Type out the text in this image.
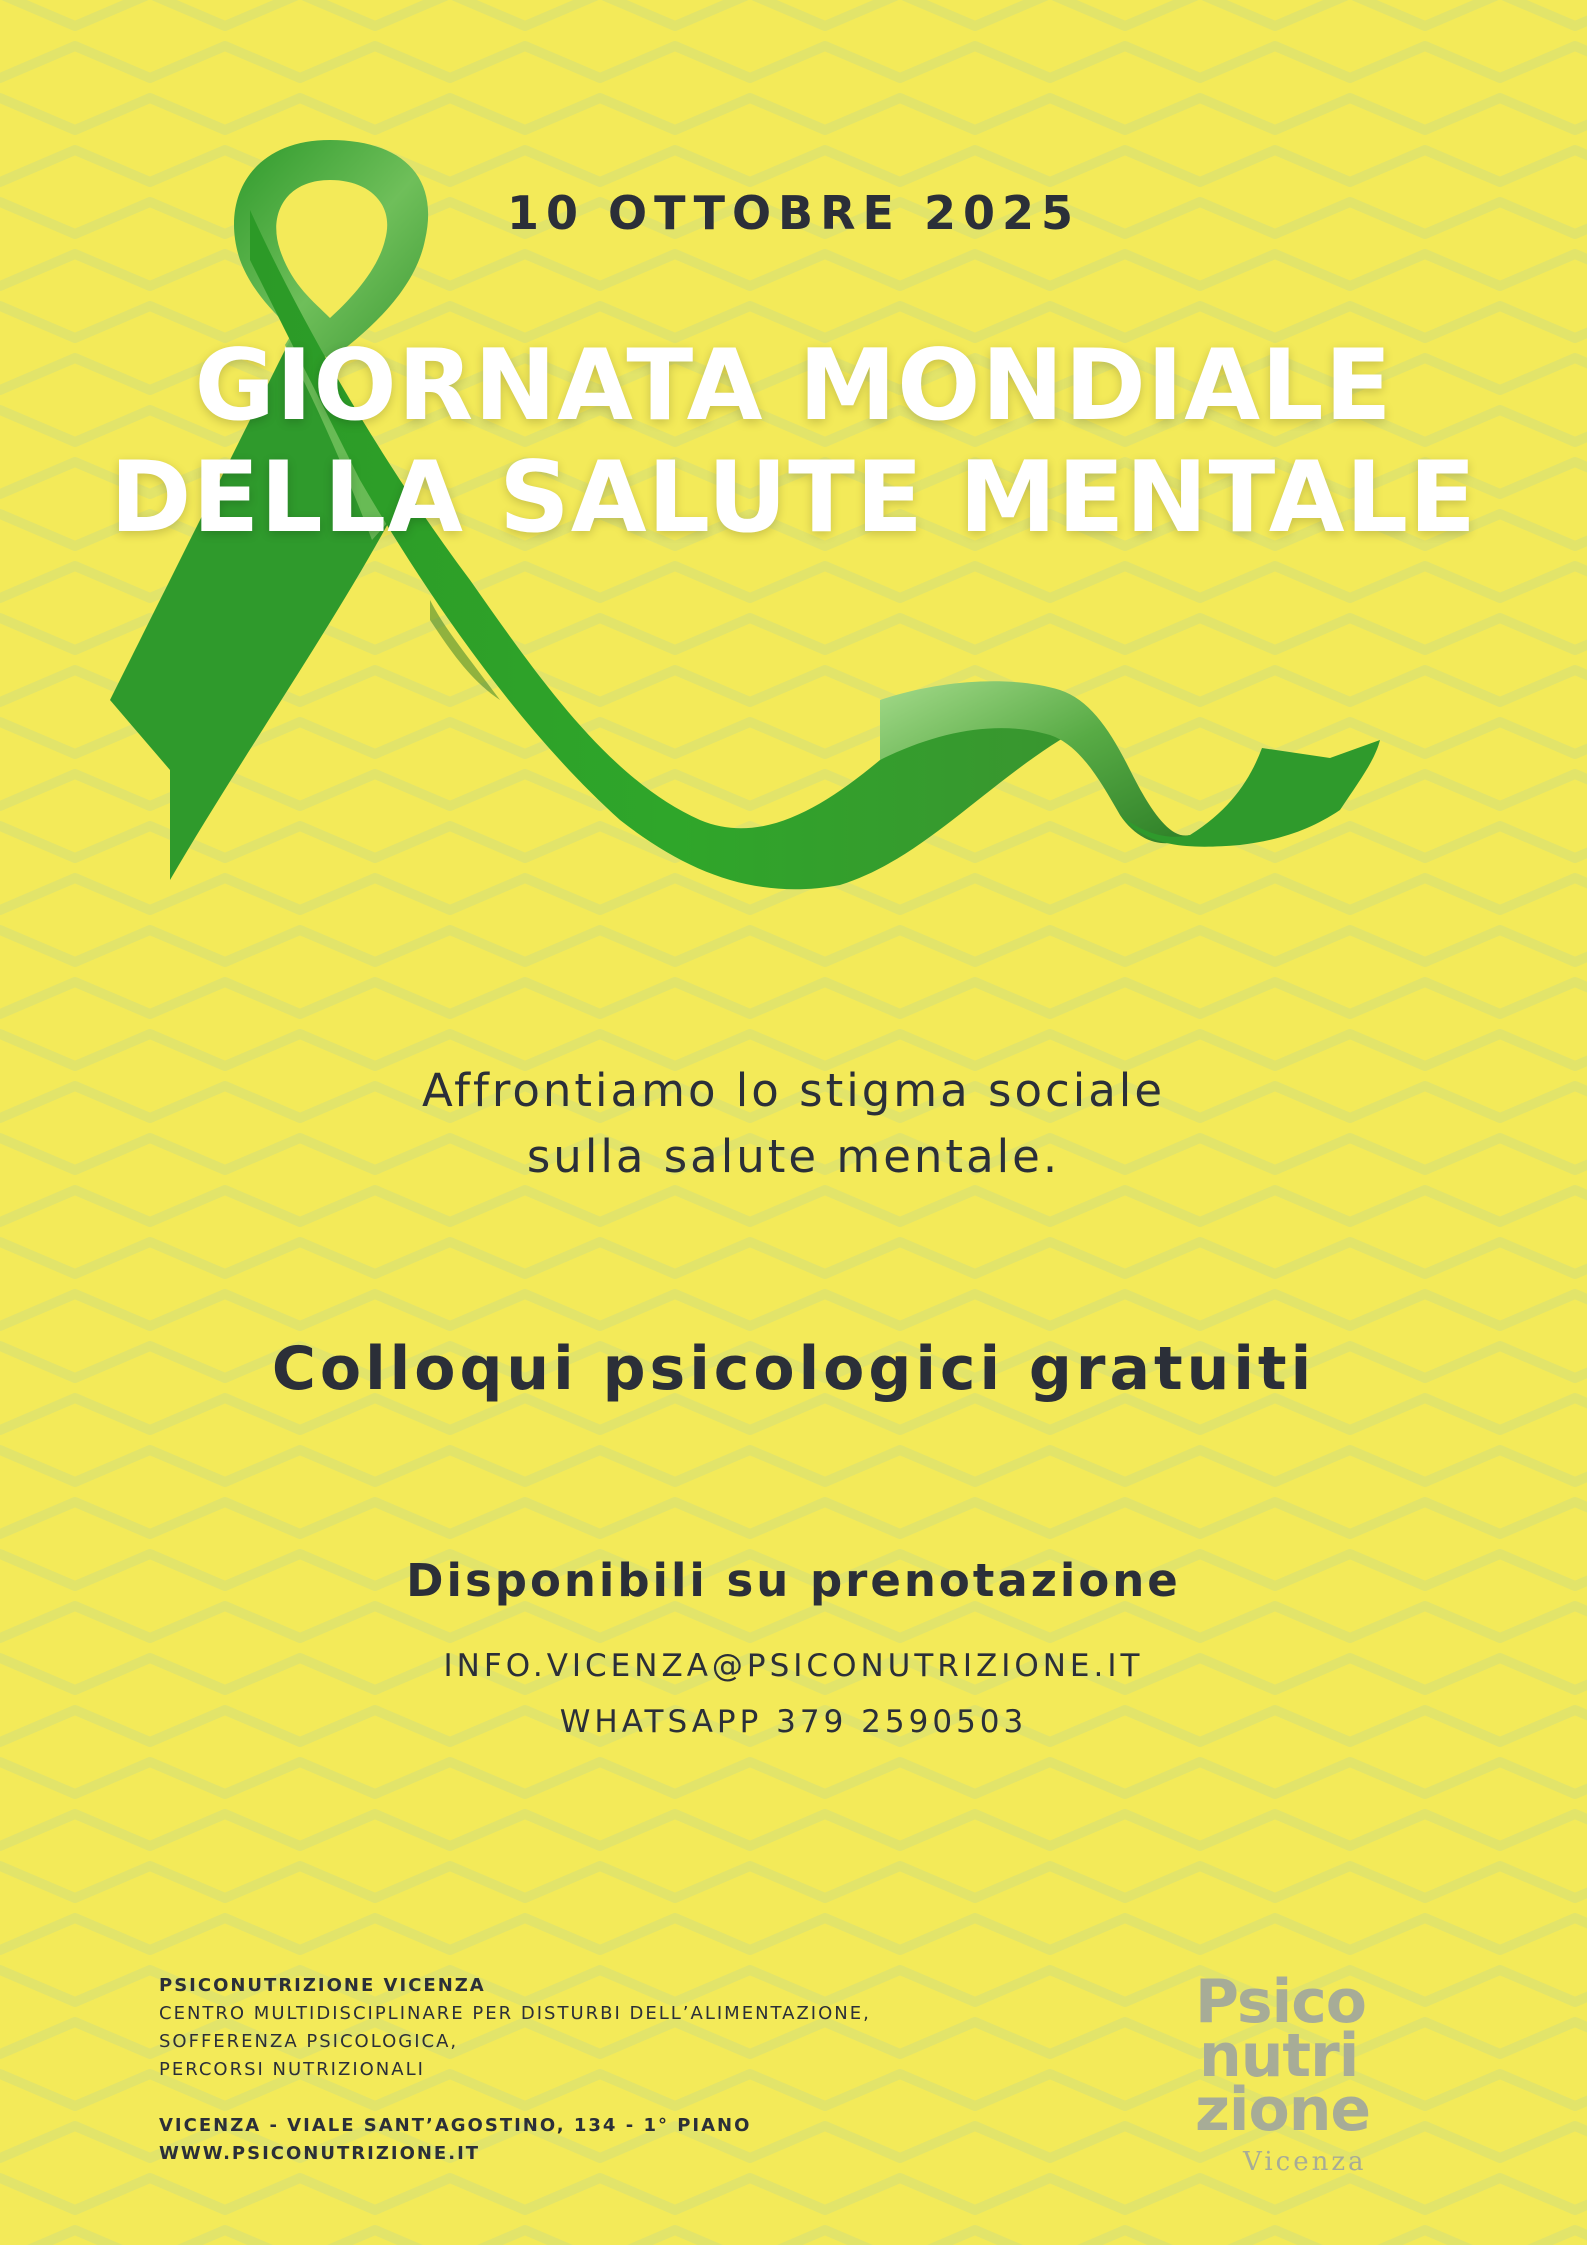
10 OTTOBRE 2025
GIORNATA MONDIALE
DELLA SALUTE MENTALE
Affrontiamo lo stigma sociale
sulla salute mentale.
Colloqui psicologici gratuiti
Disponibili su prenotazione
INFO.VICENZA@PSICONUTRIZIONE.IT
WHATSAPP 379 2590503
PSICONUTRIZIONE VICENZA
CENTRO MULTIDISCIPLINARE PER DISTURBI DELL’ALIMENTAZIONE,
SOFFERENZA PSICOLOGICA,
PERCORSI NUTRIZIONALI
VICENZA - VIALE SANT’AGOSTINO, 134 - 1° PIANO
WWW.PSICONUTRIZIONE.IT
Psico
nutri
zione
Vicenza
